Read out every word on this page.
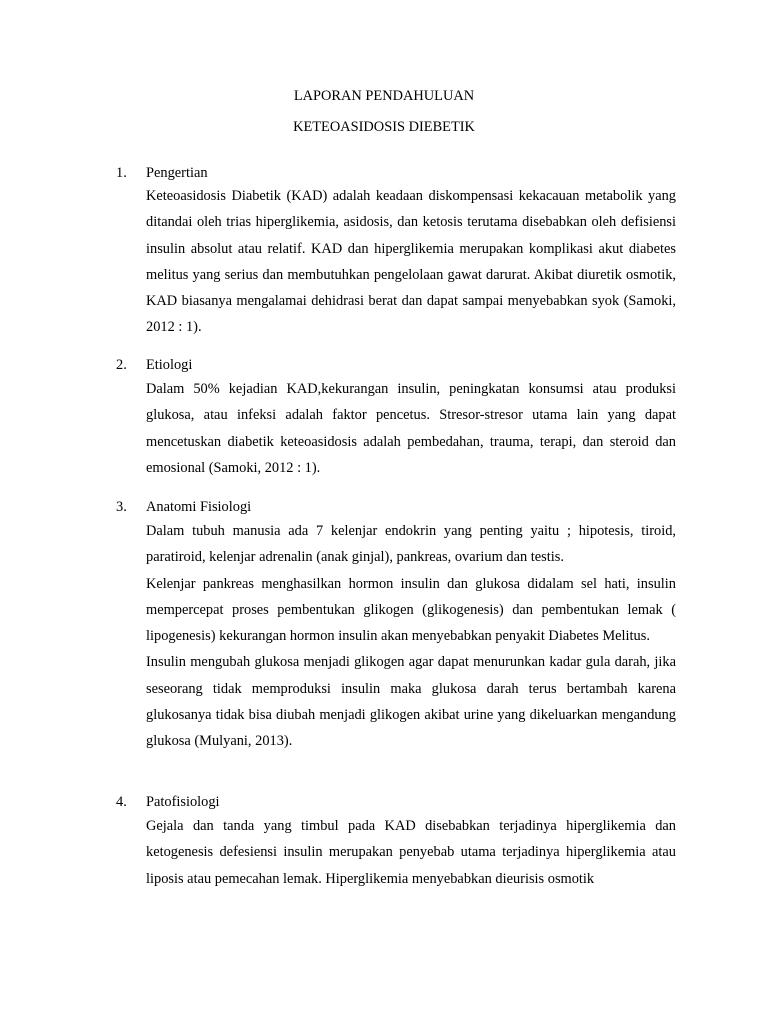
LAPORAN PENDAHULUAN
KETEOASIDOSIS DIEBETIK
1. Pengertian

Keteoasidosis Diabetik (KAD) adalah keadaan diskompensasi kekacauan metabolik yang ditandai oleh trias hiperglikemia, asidosis, dan ketosis terutama disebabkan oleh defisiensi insulin absolut atau relatif. KAD dan hiperglikemia merupakan komplikasi akut diabetes melitus yang serius dan membutuhkan pengelolaan gawat darurat. Akibat diuretik osmotik, KAD biasanya mengalamai dehidrasi berat dan dapat sampai menyebabkan syok (Samoki, 2012 : 1).

2. Etiologi

Dalam 50% kejadian KAD,kekurangan insulin, peningkatan konsumsi atau produksi glukosa, atau infeksi adalah faktor pencetus. Stresor-stresor utama lain yang dapat mencetuskan diabetik keteoasidosis adalah pembedahan, trauma, terapi, dan steroid dan emosional (Samoki, 2012 : 1).

3. Anatomi Fisiologi

Dalam tubuh manusia ada 7 kelenjar endokrin yang penting yaitu ; hipotesis, tiroid, paratiroid, kelenjar adrenalin (anak ginjal), pankreas, ovarium dan testis.

Kelenjar pankreas menghasilkan hormon insulin dan glukosa didalam sel hati, insulin mempercepat proses pembentukan glikogen (glikogenesis) dan pembentukan lemak ( lipogenesis) kekurangan hormon insulin akan menyebabkan penyakit Diabetes Melitus.

Insulin mengubah glukosa menjadi glikogen agar dapat menurunkan kadar gula darah, jika seseorang tidak memproduksi insulin maka glukosa darah terus bertambah karena glukosanya tidak bisa diubah menjadi glikogen akibat urine yang dikeluarkan mengandung glukosa (Mulyani, 2013).

4. Patofisiologi

Gejala dan tanda yang timbul pada KAD disebabkan terjadinya hiperglikemia dan ketogenesis defesiensi insulin merupakan penyebab utama terjadinya hiperglikemia atau liposis atau pemecahan lemak. Hiperglikemia menyebabkan dieurisis osmotik
